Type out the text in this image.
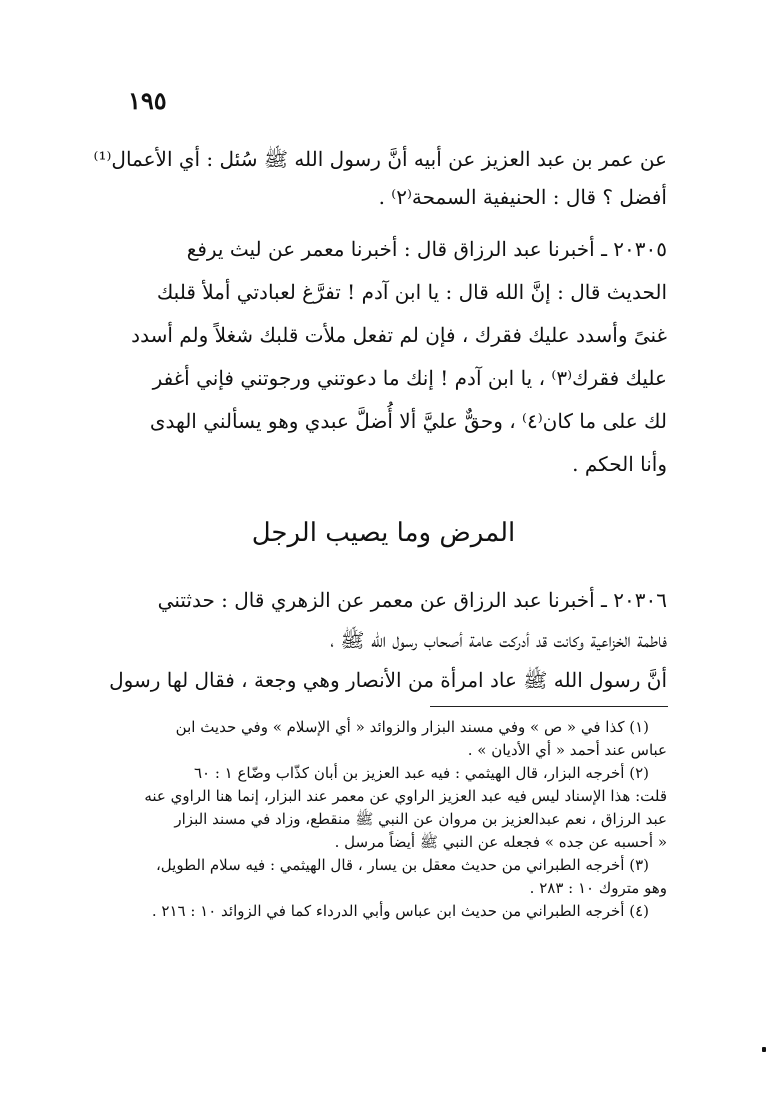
١٩٥
عن عمر بن عبد العزيز عن أبيه أنَّ رسول الله ﷺ سُئل : أي الأعمال⁽¹⁾
أفضل ؟ قال : الحنيفية السمحة⁽٢⁾ .
٢٠٣٠٥ ـ أخبرنا عبد الرزاق قال : أخبرنا معمر عن ليث يرفع
الحديث قال : إنَّ الله قال : يا ابن آدم ! تفرَّغ لعبادتي أملأ قلبك
غنىً وأسدد عليك فقرك ، فإن لم تفعل ملأت قلبك شغلاً ولم أسدد
عليك فقرك⁽٣⁾ ، يا ابن آدم ! إنك ما دعوتني ورجوتني فإني أغفر
لك على ما كان⁽٤⁾ ، وحقٌّ عليَّ ألا أُضلَّ عبدي وهو يسألني الهدى
وأنا الحكم .
المرض وما يصيب الرجل
٢٠٣٠٦ ـ أخبرنا عبد الرزاق عن معمر عن الزهري قال : حدثتني
فاطمة الخزاعية وكانت قد أدركت عامة أصحاب رسول الله ﷺ ،
أنَّ رسول الله ﷺ عاد امرأة من الأنصار وهي وجعة ، فقال لها رسول
(١) كذا في « ص » وفي مسند البزار والزوائد « أي الإسلام » وفي حديث ابن
عباس عند أحمد « أي الأديان » .
(٢) أخرجه البزار، قال الهيثمي : فيه عبد العزيز بن أبان كذّاب وضّاع ١ : ٦٠
قلت: هذا الإسناد ليس فيه عبد العزيز الراوي عن معمر عند البزار، إنما هنا الراوي عنه
عبد الرزاق ، نعم عبدالعزيز بن مروان عن النبي ﷺ منقطع، وزاد في مسند البزار
« أحسبه عن جده » فجعله عن النبي ﷺ أيضاً مرسل .
(٣) أخرجه الطبراني من حديث معقل بن يسار ، قال الهيثمي : فيه سلام الطويل،
وهو متروك ١٠ : ٢٨٣ .
(٤) أخرجه الطبراني من حديث ابن عباس وأبي الدرداء كما في الزوائد ١٠ : ٢١٦ .
